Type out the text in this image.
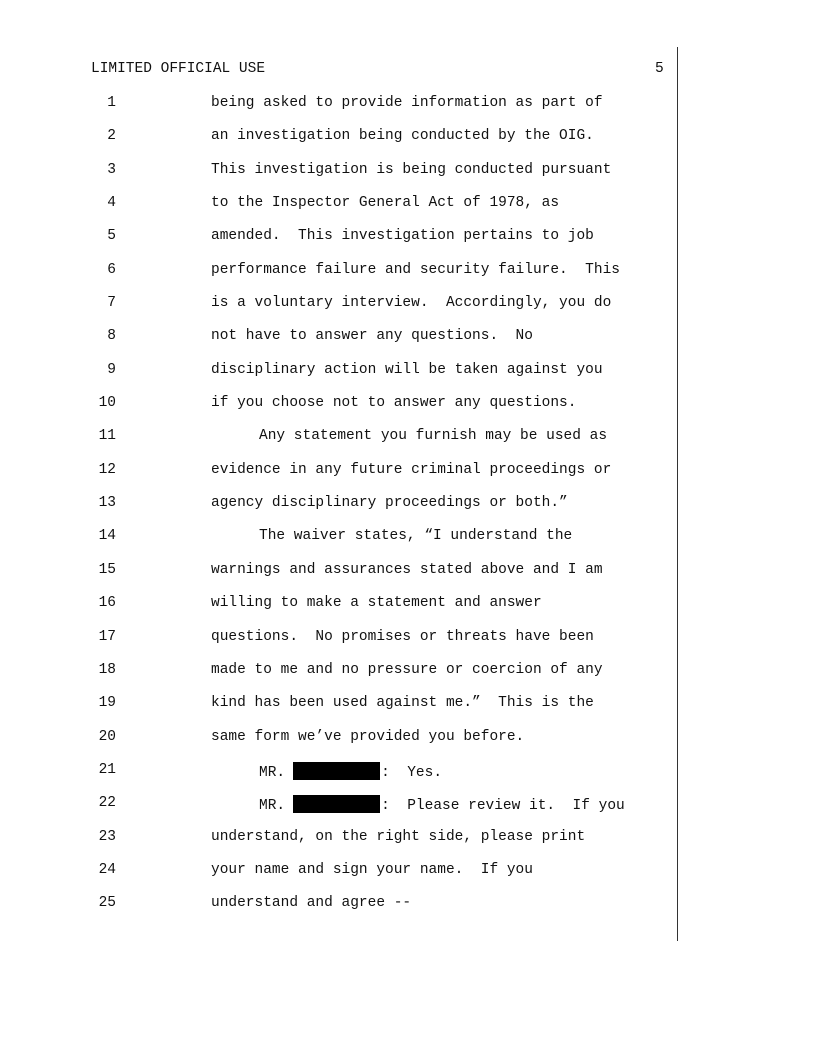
LIMITED OFFICIAL USE	5

1

	being asked to provide information as part of

2

	an investigation being conducted by the OIG.

3

	This investigation is being conducted pursuant

4

	to the Inspector General Act of 1978, as

5

	amended.  This investigation pertains to job

6

	performance failure and security failure.  This

7

	is a voluntary interview.  Accordingly, you do

8

	not have to answer any questions.  No

9

	disciplinary action will be taken against you

10

	if you choose not to answer any questions.

11

	Any statement you furnish may be used as

12

	evidence in any future criminal proceedings or

13

	agency disciplinary proceedings or both.”

14

	The waiver states, “I understand the

15

	warnings and assurances stated above and I am

16

	willing to make a statement and answer

17

	questions.  No promises or threats have been

18

	made to me and no pressure or coercion of any

19

	kind has been used against me.”  This is the

20

	same form we’ve provided you before.

21

	MR.	:  Yes.

22

	MR.	:  Please review it.  If you

23

	understand, on the right side, please print

24

	your name and sign your name.  If you

25

	understand and agree --
